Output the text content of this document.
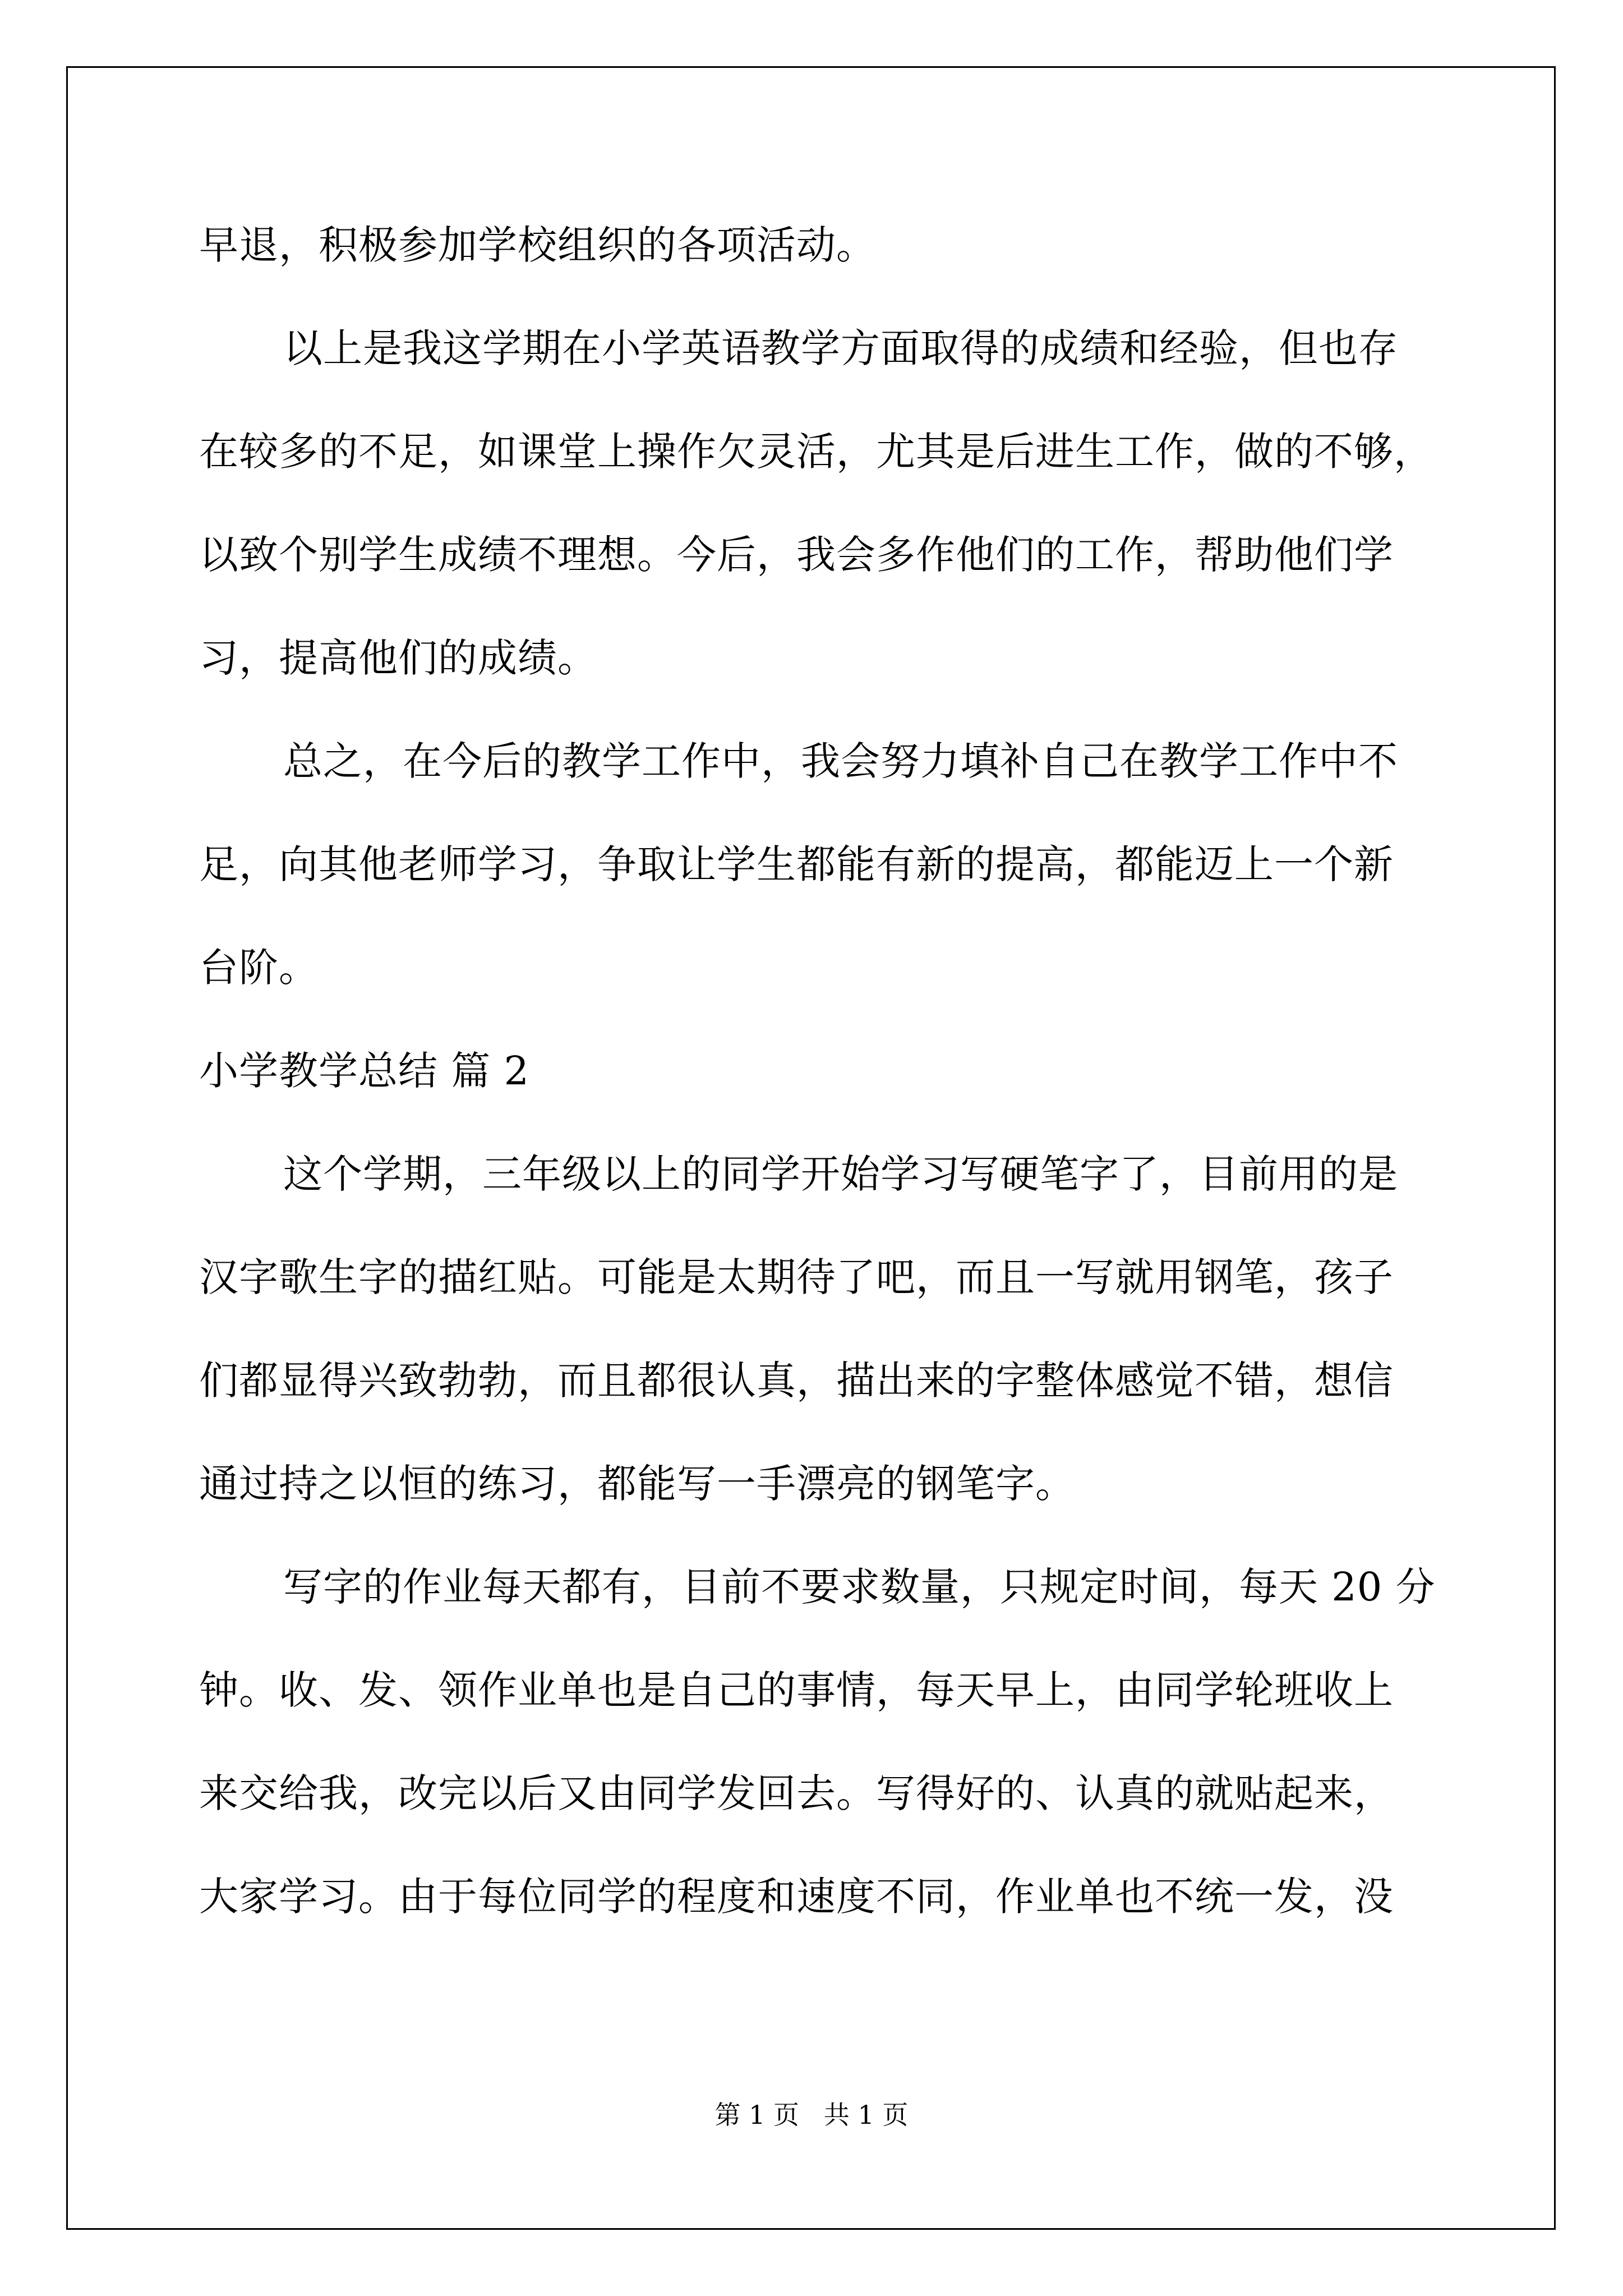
早退，积极参加学校组织的各项活动。
以上是我这学期在小学英语教学方面取得的成绩和经验，但也存
在较多的不足，如课堂上操作欠灵活，尤其是后进生工作，做的不够，
以致个别学生成绩不理想。今后，我会多作他们的工作，帮助他们学
习，提高他们的成绩。
总之，在今后的教学工作中，我会努力填补自己在教学工作中不
足，向其他老师学习，争取让学生都能有新的提高，都能迈上一个新
台阶。
小学教学总结 篇 2
这个学期，三年级以上的同学开始学习写硬笔字了，目前用的是
汉字歌生字的描红贴。可能是太期待了吧，而且一写就用钢笔，孩子
们都显得兴致勃勃，而且都很认真，描出来的字整体感觉不错，想信
通过持之以恒的练习，都能写一手漂亮的钢笔字。
写字的作业每天都有，目前不要求数量，只规定时间，每天 20 分
钟。收、发、领作业单也是自己的事情，每天早上，由同学轮班收上
来交给我，改完以后又由同学发回去。写得好的、认真的就贴起来，
大家学习。由于每位同学的程度和速度不同，作业单也不统一发，没
第 1 页   共 1 页
